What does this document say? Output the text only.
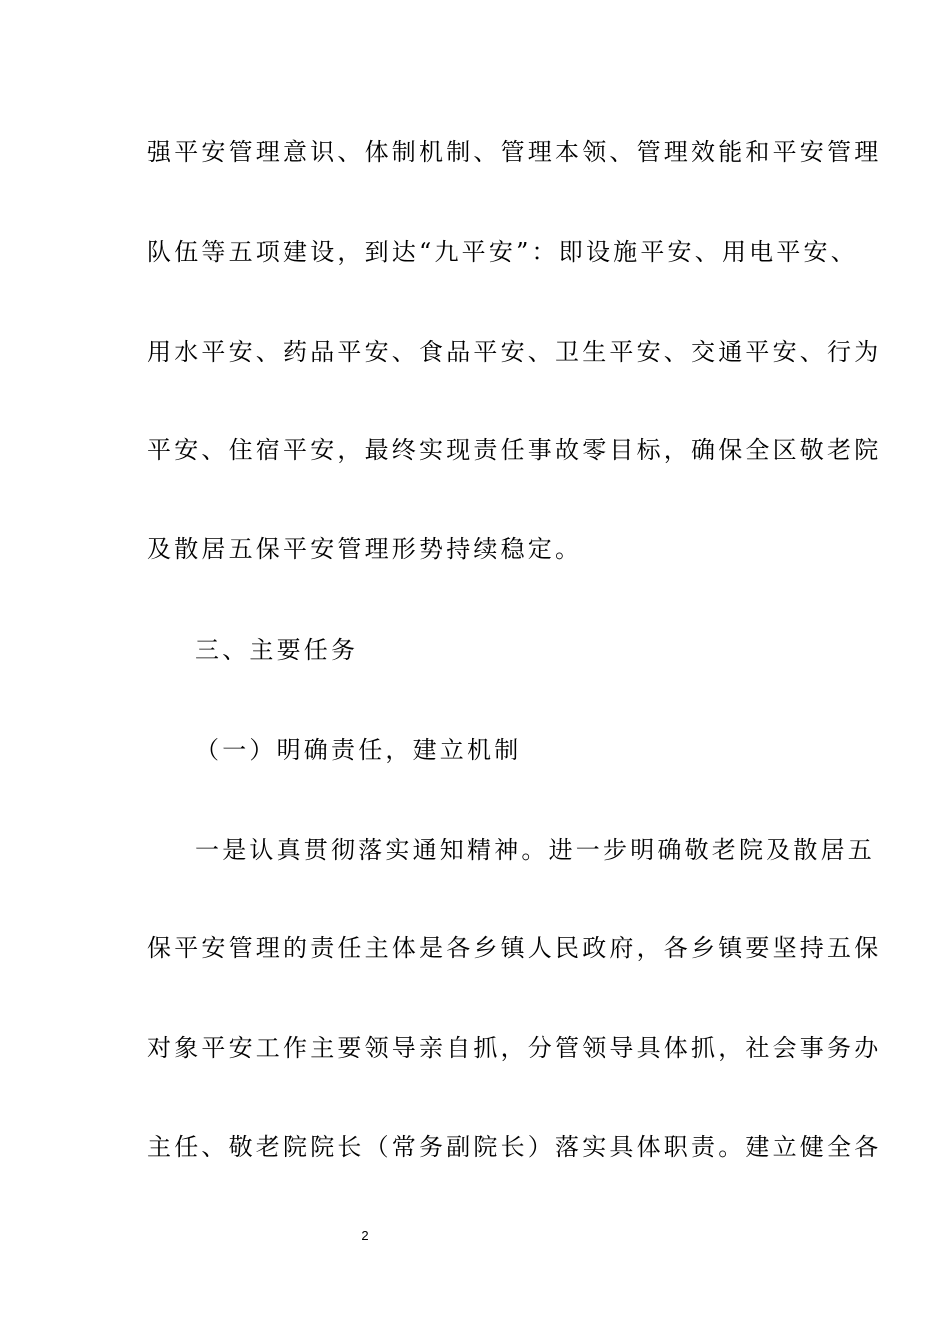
强平安管理意识、体制机制、管理本领、管理效能和平安管理
队伍等五项建设，到达“九平安”：即设施平安、用电平安、
用水平安、药品平安、食品平安、卫生平安、交通平安、行为
平安、住宿平安，最终实现责任事故零目标，确保全区敬老院
及散居五保平安管理形势持续稳定。
三、主要任务
（一）明确责任，建立机制
一是认真贯彻落实通知精神。进一步明确敬老院及散居五
保平安管理的责任主体是各乡镇人民政府，各乡镇要坚持五保
对象平安工作主要领导亲自抓，分管领导具体抓，社会事务办
主任、敬老院院长（常务副院长）落实具体职责。建立健全各
2
